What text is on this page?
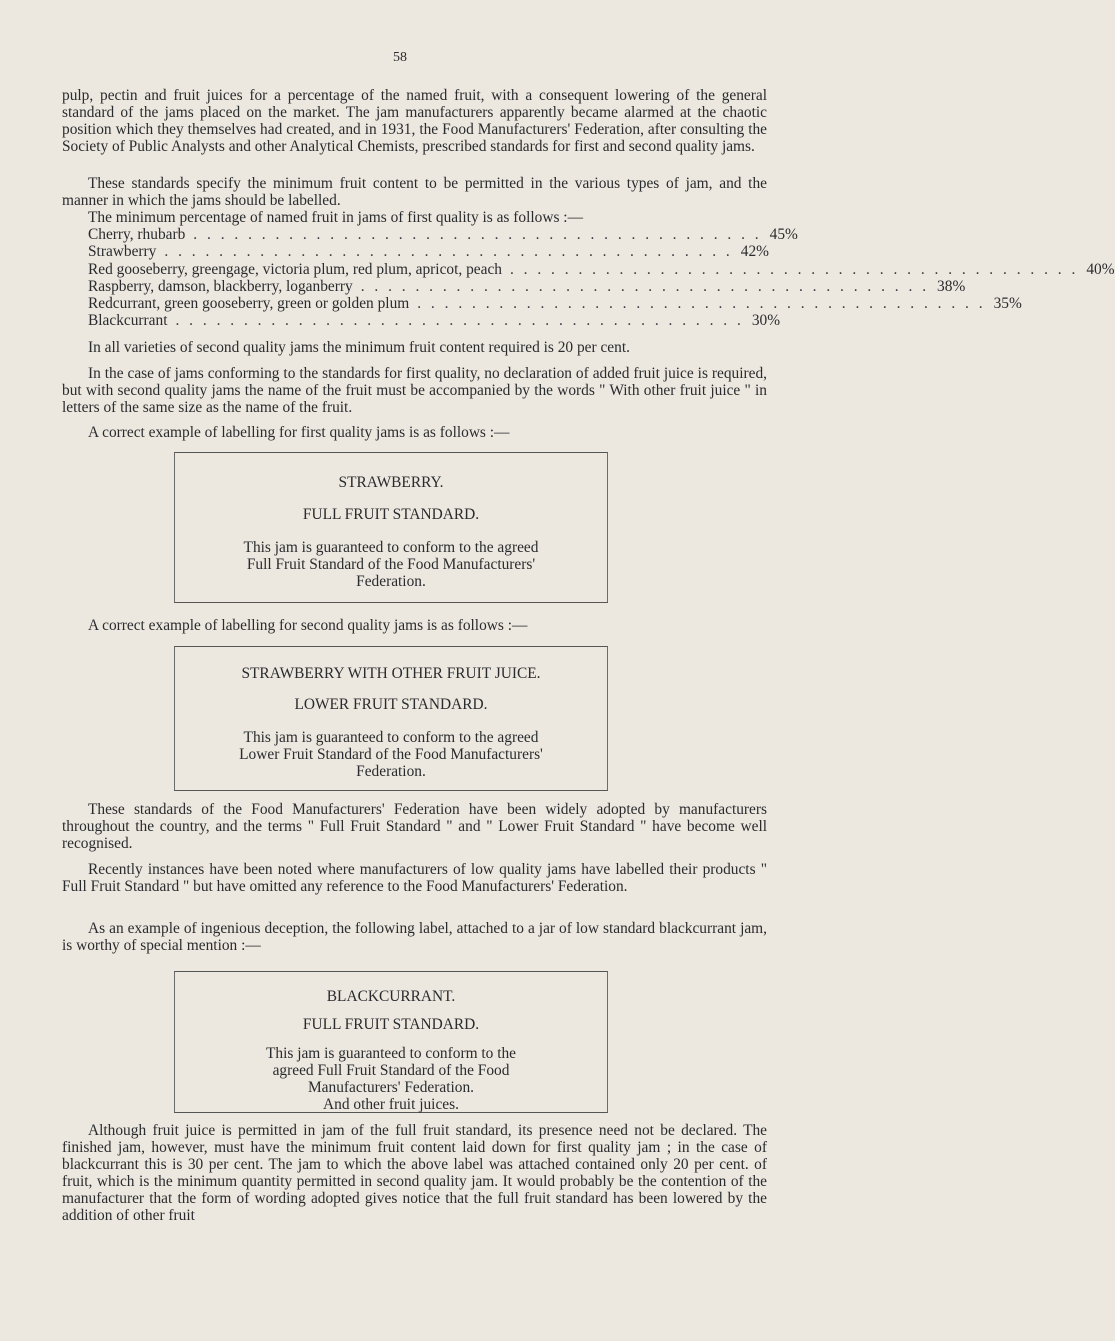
58

pulp, pectin and fruit juices for a percentage of the named fruit, with a consequent lowering of the general standard of the jams placed on the market. The jam manufacturers apparently became alarmed at the chaotic position which they themselves had created, and in 1931, the Food Manufacturers' Federation, after consulting the Society of Public Analysts and other Analytical Chemists, prescribed standards for first and second quality jams.

These standards specify the minimum fruit content to be permitted in the various types of jam, and the manner in which the jams should be labelled.

The minimum percentage of named fruit in jams of first quality is as follows :—

Cherry, rhubarb . . . . . . . . . . . . . . . . . . . . . . . . . . . . . . . . . . . . . . . . . . 45%
Strawberry . . . . . . . . . . . . . . . . . . . . . . . . . . . . . . . . . . . . . . . . . . 42%
Red gooseberry, greengage, victoria plum, red plum, apricot, peach . . . . . . . . . . . . . . . . . . . . . . . . . . . . . . . . . . . . . . . . . . 40%
Raspberry, damson, blackberry, loganberry . . . . . . . . . . . . . . . . . . . . . . . . . . . . . . . . . . . . . . . . . . 38%
Redcurrant, green gooseberry, green or golden plum . . . . . . . . . . . . . . . . . . . . . . . . . . . . . . . . . . . . . . . . . . 35%
Blackcurrant . . . . . . . . . . . . . . . . . . . . . . . . . . . . . . . . . . . . . . . . . . 30%

In all varieties of second quality jams the minimum fruit content required is 20 per cent.

In the case of jams conforming to the standards for first quality, no declaration of added fruit juice is required, but with second quality jams the name of the fruit must be accompanied by the words " With other fruit juice " in letters of the same size as the name of the fruit.

A correct example of labelling for first quality jams is as follows :—

STRAWBERRY.

FULL FRUIT STANDARD.

This jam is guaranteed to conform to the agreed

Full Fruit Standard of the Food Manufacturers'

Federation.

A correct example of labelling for second quality jams is as follows :—

STRAWBERRY WITH OTHER FRUIT JUICE.

LOWER FRUIT STANDARD.

This jam is guaranteed to conform to the agreed

Lower Fruit Standard of the Food Manufacturers'

Federation.

These standards of the Food Manufacturers' Federation have been widely adopted by manufacturers throughout the country, and the terms " Full Fruit Standard " and " Lower Fruit Standard " have become well recognised.

Recently instances have been noted where manufacturers of low quality jams have labelled their products " Full Fruit Standard " but have omitted any reference to the Food Manufacturers' Federation.

As an example of ingenious deception, the following label, attached to a jar of low standard blackcurrant jam, is worthy of special mention :—

BLACKCURRANT.

FULL FRUIT STANDARD.

This jam is guaranteed to conform to the

agreed Full Fruit Standard of the Food

Manufacturers' Federation.

And other fruit juices.

Although fruit juice is permitted in jam of the full fruit standard, its presence need not be declared. The finished jam, however, must have the minimum fruit content laid down for first quality jam ; in the case of blackcurrant this is 30 per cent. The jam to which the above label was attached contained only 20 per cent. of fruit, which is the minimum quantity permitted in second quality jam. It would probably be the contention of the manufacturer that the form of wording adopted gives notice that the full fruit standard has been lowered by the addition of other fruit
